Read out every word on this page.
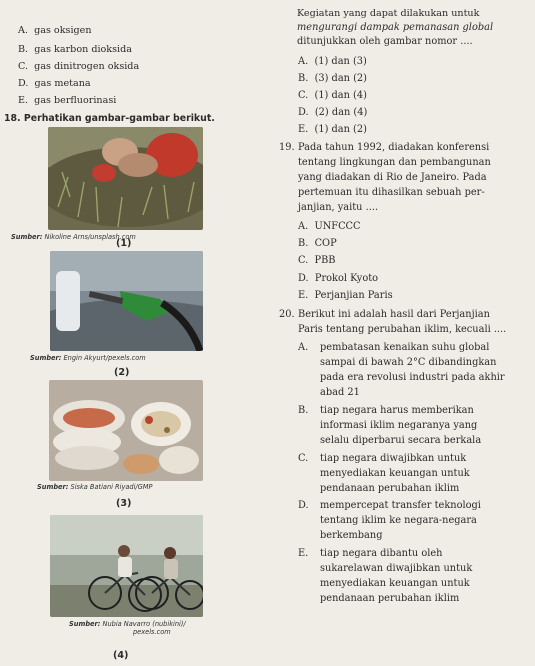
A. gas oksigen
B. gas karbon dioksida
C. gas dinitrogen oksida
D. gas metana
E. gas berfluorinasi
18. Perhatikan gambar-gambar berikut.
Sumber: Nikoline Arns/unsplash.com
(1)
Sumber: Engin Akyurt/pexels.com
(2)
Sumber: Siska Batiani Riyadi/GMP
(3)
Sumber: Nubia Navarro (nubikini)/
pexels.com
(4)
Kegiatan yang dapat dilakukan untuk
mengurangi dampak pemanasan global
ditunjukkan oleh gambar nomor ....
A. (1) dan (3)
B. (3) dan (2)
C. (1) dan (4)
D. (2) dan (4)
E. (1) dan (2)
19. Pada tahun 1992, diadakan konferensi
tentang lingkungan dan pembangunan
yang diadakan di Rio de Janeiro. Pada
pertemuan itu dihasilkan sebuah per-
janjian, yaitu ....
A. UNFCCC
B. COP
C. PBB
D. Prokol Kyoto
E. Perjanjian Paris
20. Berikut ini adalah hasil dari Perjanjian
Paris tentang perubahan iklim, kecuali ....
A. pembatasan kenaikan suhu global
sampai di bawah 2°C dibandingkan
pada era revolusi industri pada akhir
abad 21
B. tiap negara harus memberikan
informasi iklim negaranya yang
selalu diperbarui secara berkala
C. tiap negara diwajibkan untuk
menyediakan keuangan untuk
pendanaan perubahan iklim
D. mempercepat transfer teknologi
tentang iklim ke negara-negara
berkembang
E. tiap negara dibantu oleh
sukarelawan diwajibkan untuk
menyediakan keuangan untuk
pendanaan perubahan iklim
